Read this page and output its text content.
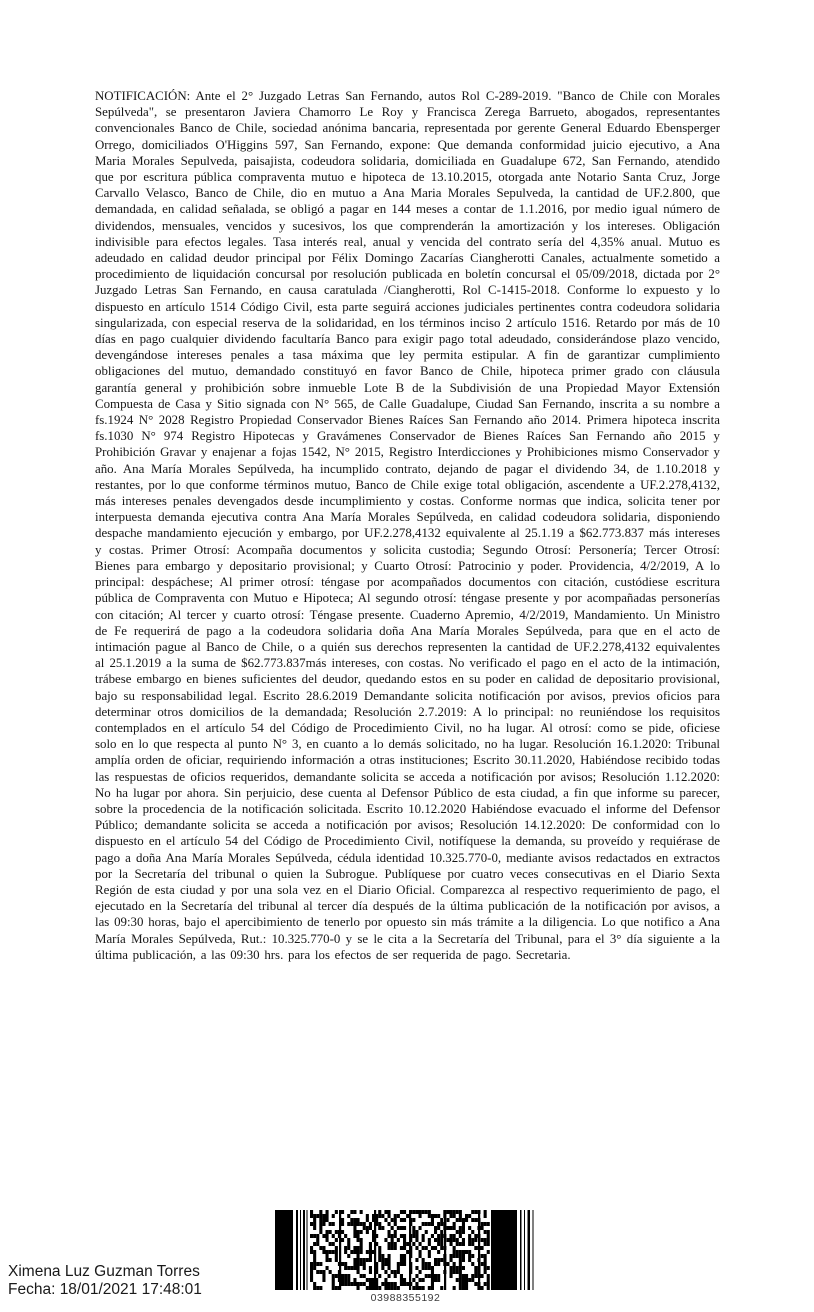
NOTIFICACIÓN: Ante el 2° Juzgado Letras San Fernando, autos Rol C-289-2019. "Banco de Chile con Morales Sepúlveda", se presentaron Javiera Chamorro Le Roy y Francisca Zerega Barrueto, abogados, representantes convencionales Banco de Chile, sociedad anónima bancaria, representada por gerente General Eduardo Ebensperger Orrego, domiciliados O'Higgins 597, San Fernando, expone: Que demanda conformidad juicio ejecutivo, a Ana Maria Morales Sepulveda, paisajista, codeudora solidaria, domiciliada en Guadalupe 672, San Fernando, atendido que por escritura pública compraventa mutuo e hipoteca de 13.10.2015, otorgada ante Notario Santa Cruz, Jorge Carvallo Velasco, Banco de Chile, dio en mutuo a Ana Maria Morales Sepulveda, la cantidad de UF.2.800, que demandada, en calidad señalada, se obligó a pagar en 144 meses a contar de 1.1.2016, por medio igual número de dividendos, mensuales, vencidos y sucesivos, los que comprenderán la amortización y los intereses. Obligación indivisible para efectos legales. Tasa interés real, anual y vencida del contrato sería del 4,35% anual. Mutuo es adeudado en calidad deudor principal por Félix Domingo Zacarías Ciangherotti Canales, actualmente sometido a procedimiento de liquidación concursal por resolución publicada en boletín concursal el 05/09/2018, dictada por 2° Juzgado Letras San Fernando, en causa caratulada /Ciangherotti, Rol C-1415-2018. Conforme lo expuesto y lo dispuesto en artículo 1514 Código Civil, esta parte seguirá acciones judiciales pertinentes contra codeudora solidaria singularizada, con especial reserva de la solidaridad, en los términos inciso 2 artículo 1516. Retardo por más de 10 días en pago cualquier dividendo facultaría Banco para exigir pago total adeudado, considerándose plazo vencido, devengándose intereses penales a tasa máxima que ley permita estipular. A fin de garantizar cumplimiento obligaciones del mutuo, demandado constituyó en favor Banco de Chile, hipoteca primer grado con cláusula garantía general y prohibición sobre inmueble Lote B de la Subdivisión de una Propiedad Mayor Extensión Compuesta de Casa y Sitio signada con N° 565, de Calle Guadalupe, Ciudad San Fernando, inscrita a su nombre a fs.1924 N° 2028 Registro Propiedad Conservador Bienes Raíces San Fernando año 2014. Primera hipoteca inscrita fs.1030 N° 974 Registro Hipotecas y Gravámenes Conservador de Bienes Raíces San Fernando año 2015 y Prohibición Gravar y enajenar a fojas 1542, N° 2015, Registro Interdicciones y Prohibiciones mismo Conservador y año. Ana María Morales Sepúlveda, ha incumplido contrato, dejando de pagar el dividendo 34, de 1.10.2018 y restantes, por lo que conforme términos mutuo, Banco de Chile exige total obligación, ascendente a UF.2.278,4132, más intereses penales devengados desde incumplimiento y costas. Conforme normas que indica, solicita tener por interpuesta demanda ejecutiva contra Ana María Morales Sepúlveda, en calidad codeudora solidaria, disponiendo despache mandamiento ejecución y embargo, por UF.2.278,4132 equivalente al 25.1.19 a $62.773.837 más intereses y costas. Primer Otrosí: Acompaña documentos y solicita custodia; Segundo Otrosí: Personería; Tercer Otrosí: Bienes para embargo y depositario provisional; y Cuarto Otrosí: Patrocinio y poder. Providencia, 4/2/2019, A lo principal: despáchese; Al primer otrosí: téngase por acompañados documentos con citación, custódiese escritura pública de Compraventa con Mutuo e Hipoteca; Al segundo otrosí: téngase presente y por acompañadas personerías con citación; Al tercer y cuarto otrosí: Téngase presente. Cuaderno Apremio, 4/2/2019, Mandamiento. Un Ministro de Fe requerirá de pago a la codeudora solidaria doña Ana María Morales Sepúlveda, para que en el acto de intimación pague al Banco de Chile, o a quién sus derechos representen la cantidad de UF.2.278,4132 equivalentes al 25.1.2019 a la suma de $62.773.837más intereses, con costas. No verificado el pago en el acto de la intimación, trábese embargo en bienes suficientes del deudor, quedando estos en su poder en calidad de depositario provisional, bajo su responsabilidad legal. Escrito 28.6.2019 Demandante solicita notificación por avisos, previos oficios para determinar otros domicilios de la demandada; Resolución 2.7.2019: A lo principal: no reuniéndose los requisitos contemplados en el artículo 54 del Código de Procedimiento Civil, no ha lugar. Al otrosí: como se pide, oficiese solo en lo que respecta al punto N° 3, en cuanto a lo demás solicitado, no ha lugar. Resolución 16.1.2020: Tribunal amplía orden de oficiar, requiriendo información a otras instituciones; Escrito 30.11.2020, Habiéndose recibido todas las respuestas de oficios requeridos, demandante solicita se acceda a notificación por avisos; Resolución 1.12.2020: No ha lugar por ahora. Sin perjuicio, dese cuenta al Defensor Público de esta ciudad, a fin que informe su parecer, sobre la procedencia de la notificación solicitada. Escrito 10.12.2020 Habiéndose evacuado el informe del Defensor Público; demandante solicita se acceda a notificación por avisos; Resolución 14.12.2020: De conformidad con lo dispuesto en el artículo 54 del Código de Procedimiento Civil, notifíquese la demanda, su proveído y requiérase de pago a doña Ana María Morales Sepúlveda, cédula identidad 10.325.770-0, mediante avisos redactados en extractos por la Secretaría del tribunal o quien la Subrogue. Publíquese por cuatro veces consecutivas en el Diario Sexta Región de esta ciudad y por una sola vez en el Diario Oficial. Comparezca al respectivo requerimiento de pago, el ejecutado en la Secretaría del tribunal al tercer día después de la última publicación de la notificación por avisos, a las 09:30 horas, bajo el apercibimiento de tenerlo por opuesto sin más trámite a la diligencia. Lo que notifico a Ana María Morales Sepúlveda, Rut.: 10.325.770-0 y se le cita a la Secretaría del Tribunal, para el 3° día siguiente a la última publicación, a las 09:30 hrs. para los efectos de ser requerida de pago. Secretaria.

Ximena Luz Guzman Torres
Fecha: 18/01/2021 17:48:01	03988355192
